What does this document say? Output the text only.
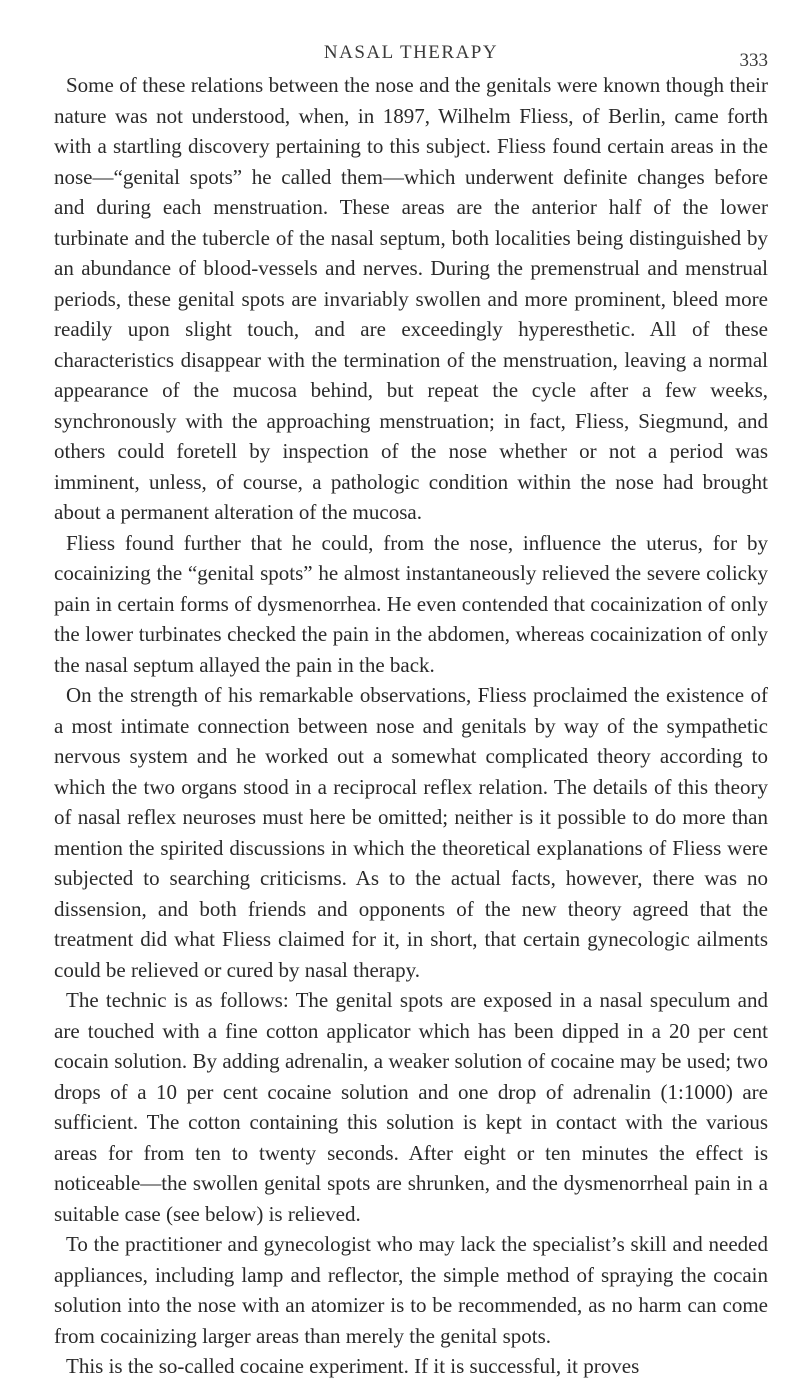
NASAL THERAPY	333

Some of these relations between the nose and the genitals were known though their nature was not understood, when, in 1897, Wilhelm Fliess, of Berlin, came forth with a startling discovery pertaining to this subject. Fliess found certain areas in the nose—“genital spots” he called them—which underwent definite changes before and during each menstruation. These areas are the anterior half of the lower turbinate and the tubercle of the nasal septum, both localities being distinguished by an abundance of blood-vessels and nerves. During the premenstrual and menstrual periods, these genital spots are invariably swollen and more prominent, bleed more readily upon slight touch, and are exceedingly hyperesthetic. All of these characteristics disappear with the termination of the menstruation, leaving a normal appearance of the mucosa behind, but repeat the cycle after a few weeks, synchronously with the approaching menstruation; in fact, Fliess, Siegmund, and others could foretell by inspection of the nose whether or not a period was imminent, unless, of course, a pathologic condition within the nose had brought about a permanent alteration of the mucosa.

Fliess found further that he could, from the nose, influence the uterus, for by cocainizing the “genital spots” he almost instantaneously relieved the severe colicky pain in certain forms of dysmenorrhea. He even contended that cocainization of only the lower turbinates checked the pain in the abdomen, whereas cocainization of only the nasal septum allayed the pain in the back.

On the strength of his remarkable observations, Fliess proclaimed the existence of a most intimate connection between nose and genitals by way of the sympathetic nervous system and he worked out a somewhat complicated theory according to which the two organs stood in a reciprocal reflex relation. The details of this theory of nasal reflex neuroses must here be omitted; neither is it possible to do more than mention the spirited discussions in which the theoretical explanations of Fliess were subjected to searching criticisms. As to the actual facts, however, there was no dissension, and both friends and opponents of the new theory agreed that the treatment did what Fliess claimed for it, in short, that certain gynecologic ailments could be relieved or cured by nasal therapy.

The technic is as follows: The genital spots are exposed in a nasal speculum and are touched with a fine cotton applicator which has been dipped in a 20 per cent cocain solution. By adding adrenalin, a weaker solution of cocaine may be used; two drops of a 10 per cent cocaine solution and one drop of adrenalin (1:1000) are sufficient. The cotton containing this solution is kept in contact with the various areas for from ten to twenty seconds. After eight or ten minutes the effect is noticeable—the swollen genital spots are shrunken, and the dysmenorrheal pain in a suitable case (see below) is relieved.

To the practitioner and gynecologist who may lack the specialist’s skill and needed appliances, including lamp and reflector, the simple method of spraying the cocain solution into the nose with an atomizer is to be recommended, as no harm can come from cocainizing larger areas than merely the genital spots.

This is the so-called cocaine experiment. If it is successful, it proves
